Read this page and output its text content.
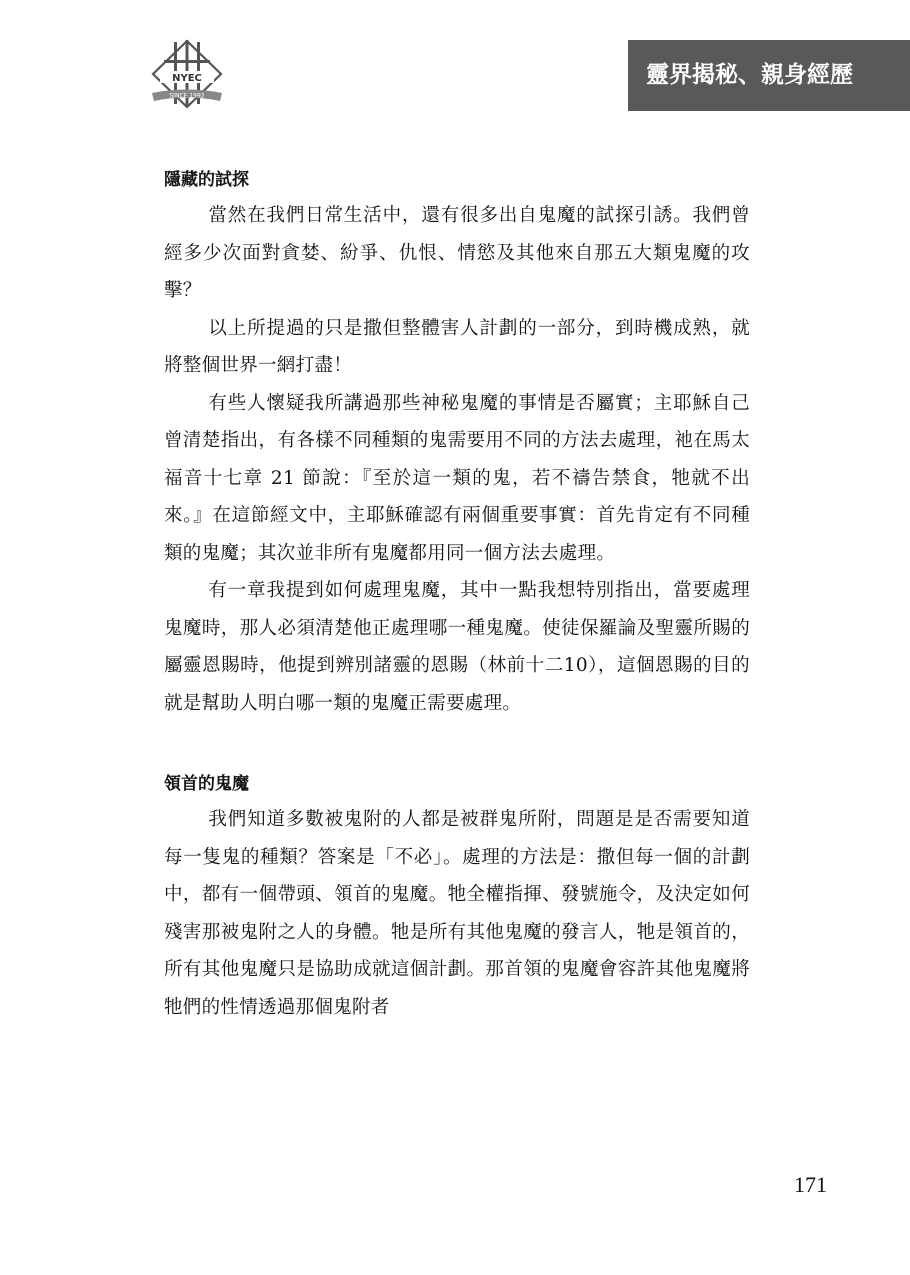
NYEC
SINCE 1992
靈界揭秘、親身經歷
隱藏的試探

當然在我們日常生活中，還有很多出自鬼魔的試探引誘。我們曾經多少次面對貪婪、紛爭、仇恨、情慾及其他來自那五大類鬼魔的攻擊？

以上所提過的只是撒但整體害人計劃的一部分，到時機成熟，就將整個世界一網打盡！

有些人懷疑我所講過那些神秘鬼魔的事情是否屬實；主耶穌自己曾清楚指出，有各樣不同種類的鬼需要用不同的方法去處理，祂在馬太福音十七章 21 節說：『至於這一類的鬼，若不禱告禁食，牠就不出來。』在這節經文中，主耶穌確認有兩個重要事實：首先肯定有不同種類的鬼魔；其次並非所有鬼魔都用同一個方法去處理。

有一章我提到如何處理鬼魔，其中一點我想特別指出，當要處理鬼魔時，那人必須清楚他正處理哪一種鬼魔。使徒保羅論及聖靈所賜的屬靈恩賜時，他提到辨別諸靈的恩賜（林前十二10），這個恩賜的目的就是幫助人明白哪一類的鬼魔正需要處理。

領首的鬼魔

我們知道多數被鬼附的人都是被群鬼所附，問題是是否需要知道每一隻鬼的種類？答案是「不必」。處理的方法是：撒但每一個的計劃中，都有一個帶頭、領首的鬼魔。牠全權指揮、發號施令，及決定如何殘害那被鬼附之人的身體。牠是所有其他鬼魔的發言人，牠是領首的，所有其他鬼魔只是協助成就這個計劃。那首領的鬼魔會容許其他鬼魔將牠們的性情透過那個鬼附者

171
